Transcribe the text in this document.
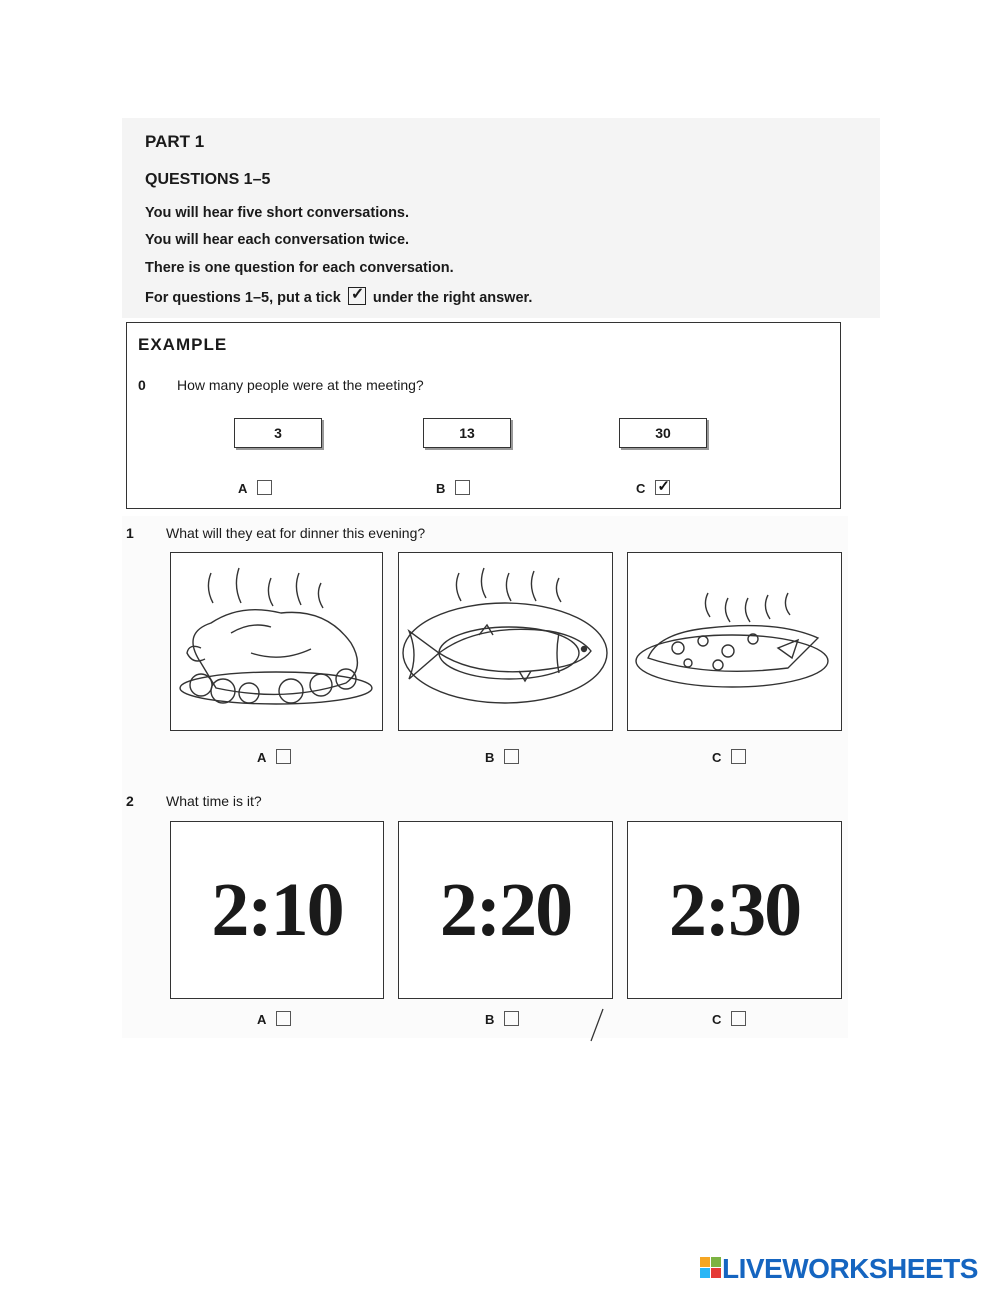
PART 1
QUESTIONS 1–5
You will hear five short conversations.
You will hear each conversation twice.
There is one question for each conversation.
For questions 1–5, put a tick ✓ under the right answer.
EXAMPLE
0 How many people were at the meeting?
3	13	30
A	B	C ✓
1 What will they eat for dinner this evening?
A	B	C
2 What time is it?
2:10	2:20	2:30
A	B	C
LIVEWORKSHEETS
